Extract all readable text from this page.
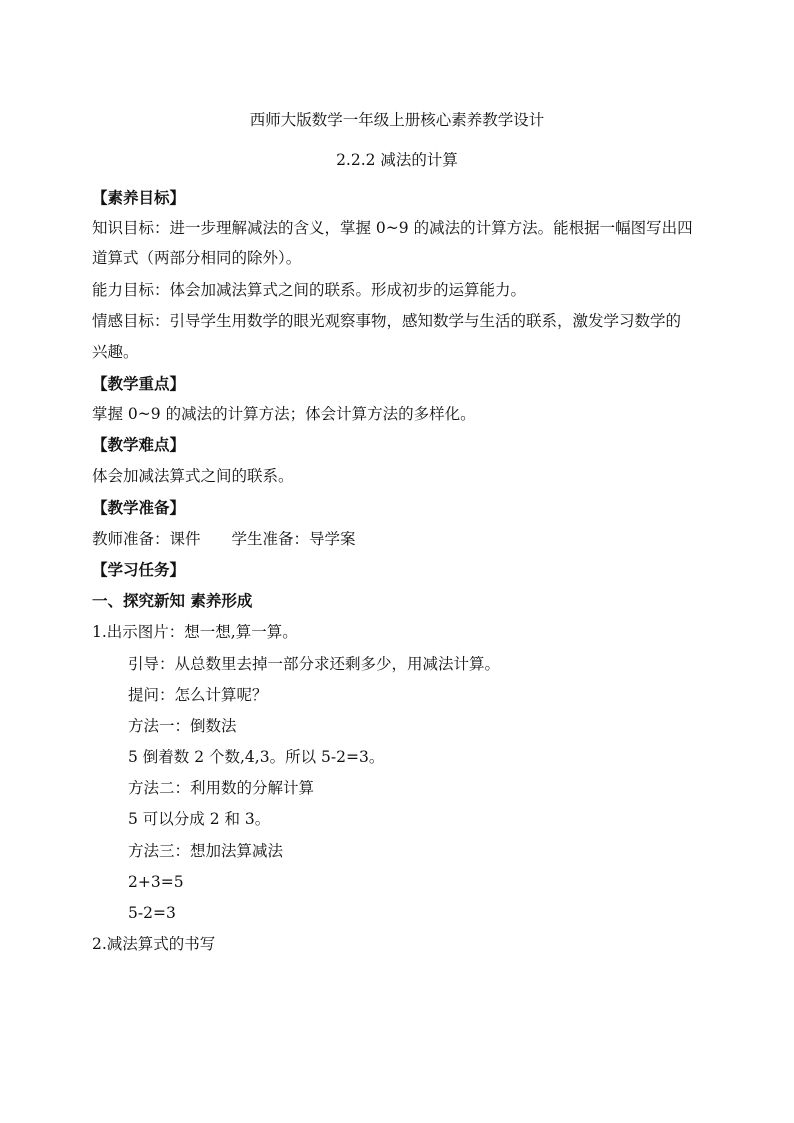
西师大版数学一年级上册核心素养教学设计
2.2.2 减法的计算
【素养目标】
知识目标：进一步理解减法的含义，掌握 0~9 的减法的计算方法。能根据一幅图写出四
道算式（两部分相同的除外）。
能力目标：体会加减法算式之间的联系。形成初步的运算能力。
情感目标：引导学生用数学的眼光观察事物，感知数学与生活的联系，激发学习数学的
兴趣。
【教学重点】
掌握 0~9 的减法的计算方法；体会计算方法的多样化。
【教学难点】
体会加减法算式之间的联系。
【教学准备】
教师准备：课件　　学生准备：导学案
【学习任务】
一、探究新知 素养形成
1.出示图片：想一想,算一算。
引导：从总数里去掉一部分求还剩多少，用减法计算。
提问：怎么计算呢？
方法一：倒数法
5 倒着数 2 个数,4,3。所以 5-2=3。
方法二：利用数的分解计算
5 可以分成 2 和 3。
方法三：想加法算减法
2+3=5
5-2=3
2.减法算式的书写
